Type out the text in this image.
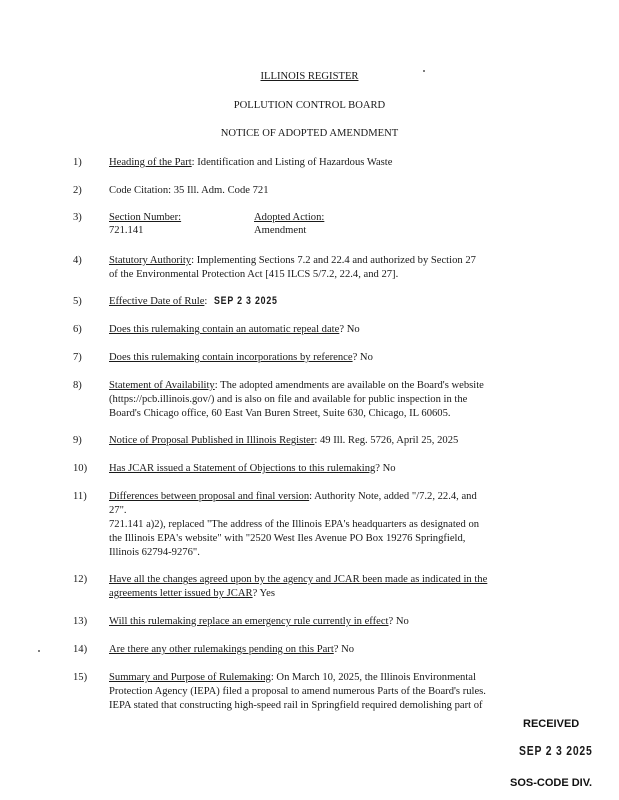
ILLINOIS REGISTER
POLLUTION CONTROL BOARD
NOTICE OF ADOPTED AMENDMENT
1)	Heading of the Part: Identification and Listing of Hazardous Waste
2)	Code Citation: 35 Ill. Adm. Code 721
3)	Section Number:
721.141
Adopted Action:
Amendment
4)	Statutory Authority: Implementing Sections 7.2 and 22.4 and authorized by Section 27
of the Environmental Protection Act [415 ILCS 5/7.2, 22.4, and 27].
5)	Effective Date of Rule: SEP 2 3 2025
6)	Does this rulemaking contain an automatic repeal date? No
7)	Does this rulemaking contain incorporations by reference? No
8)	Statement of Availability: The adopted amendments are available on the Board's website
(https://pcb.illinois.gov/) and is also on file and available for public inspection in the
Board's Chicago office, 60 East Van Buren Street, Suite 630, Chicago, IL 60605.
9)	Notice of Proposal Published in Illinois Register: 49 Ill. Reg. 5726, April 25, 2025
10)	Has JCAR issued a Statement of Objections to this rulemaking? No
11)	Differences between proposal and final version: Authority Note, added "/7.2, 22.4, and
27".
721.141 a)2), replaced "The address of the Illinois EPA's headquarters as designated on
the Illinois EPA's website" with "2520 West Iles Avenue PO Box 19276 Springfield,
Illinois 62794-9276".
12)	Have all the changes agreed upon by the agency and JCAR been made as indicated in the
agreements letter issued by JCAR? Yes
13)	Will this rulemaking replace an emergency rule currently in effect? No
14)	Are there any other rulemakings pending on this Part? No
15)	Summary and Purpose of Rulemaking: On March 10, 2025, the Illinois Environmental
Protection Agency (IEPA) filed a proposal to amend numerous Parts of the Board's rules.
IEPA stated that constructing high-speed rail in Springfield required demolishing part of
RECEIVED
SEP 2 3 2025
SOS-CODE DIV.
